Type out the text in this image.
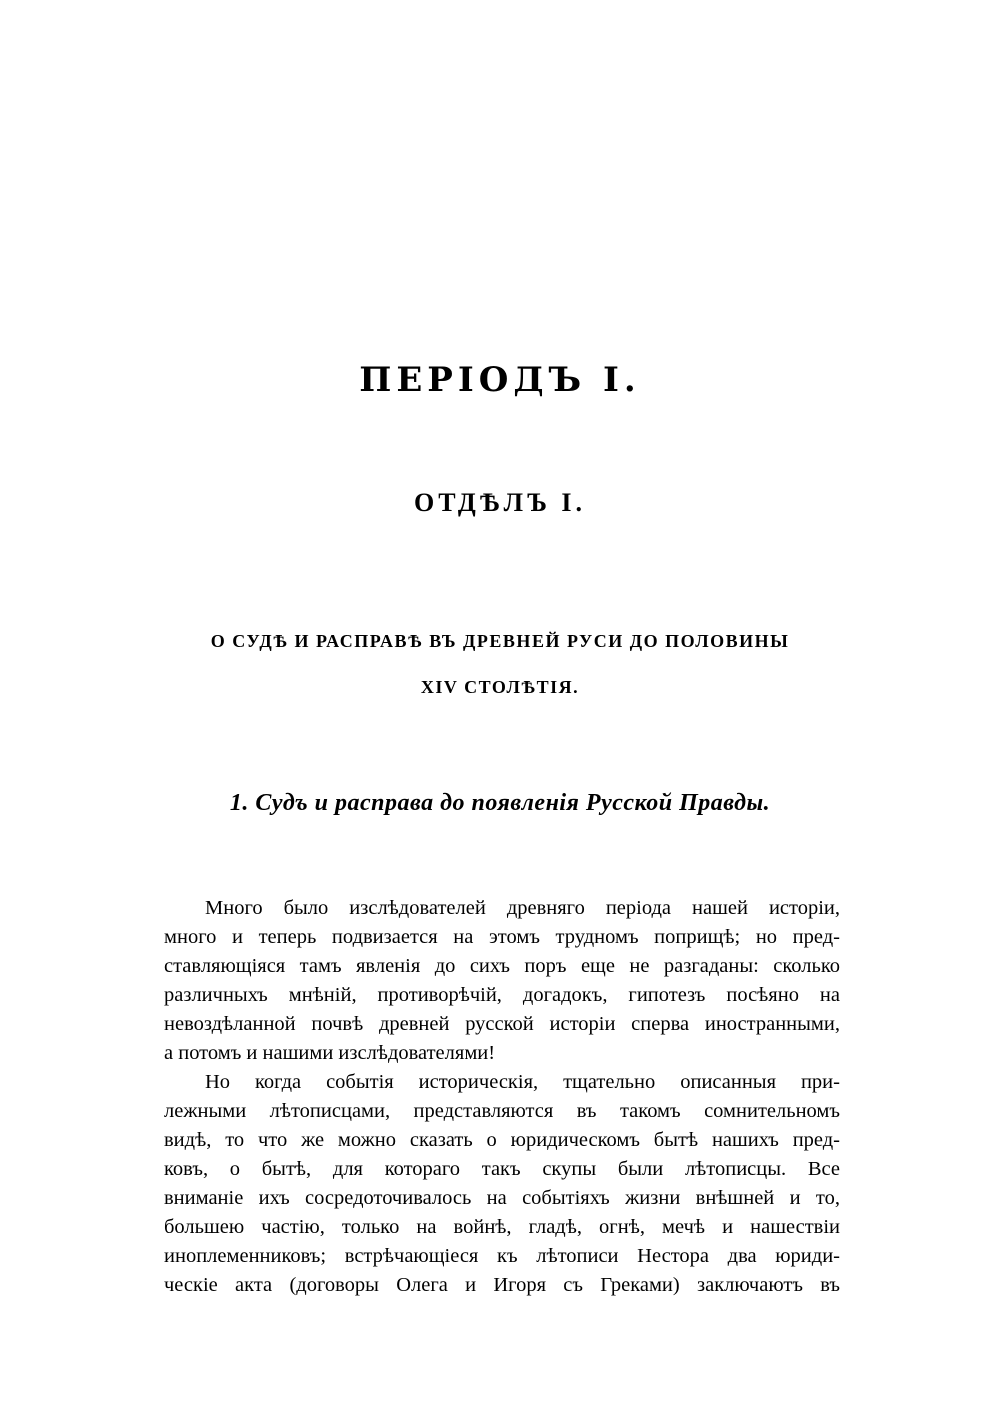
ПЕРІОДЪ I.
ОТДѢЛЪ I.
О СУДѢ И РАСПРАВѢ ВЪ ДРЕВНЕЙ РУСИ ДО ПОЛОВИНЫ
XIV СТОЛѢТІЯ.
1. Судъ и расправа до появленія Русской Правды.

Много было изслѣдователей древняго періода нашей исторіи,
много и теперь подвизается на этомъ трудномъ поприщѣ; но пред-
ставляющіяся тамъ явленія до сихъ поръ еще не разгаданы: сколько
различныхъ мнѣній, противорѣчій, догадокъ, гипотезъ посѣяно на
невоздѣланной почвѣ древней русской исторіи сперва иностранными,
а потомъ и нашими изслѣдователями!

Но когда событія историческія, тщательно описанныя при-
лежными лѣтописцами, представляются въ такомъ сомнительномъ
видѣ, то что же можно сказать о юридическомъ бытѣ нашихъ пред-
ковъ, о бытѣ, для котораго такъ скупы были лѣтописцы. Все
вниманіе ихъ сосредоточивалось на событіяхъ жизни внѣшней и то,
большею частію, только на войнѣ, гладѣ, огнѣ, мечѣ и нашествіи
иноплеменниковъ; встрѣчающіеся къ лѣтописи Нестора два юриди-
ческіе акта (договоры Олега и Игоря съ Греками) заключаютъ въ
